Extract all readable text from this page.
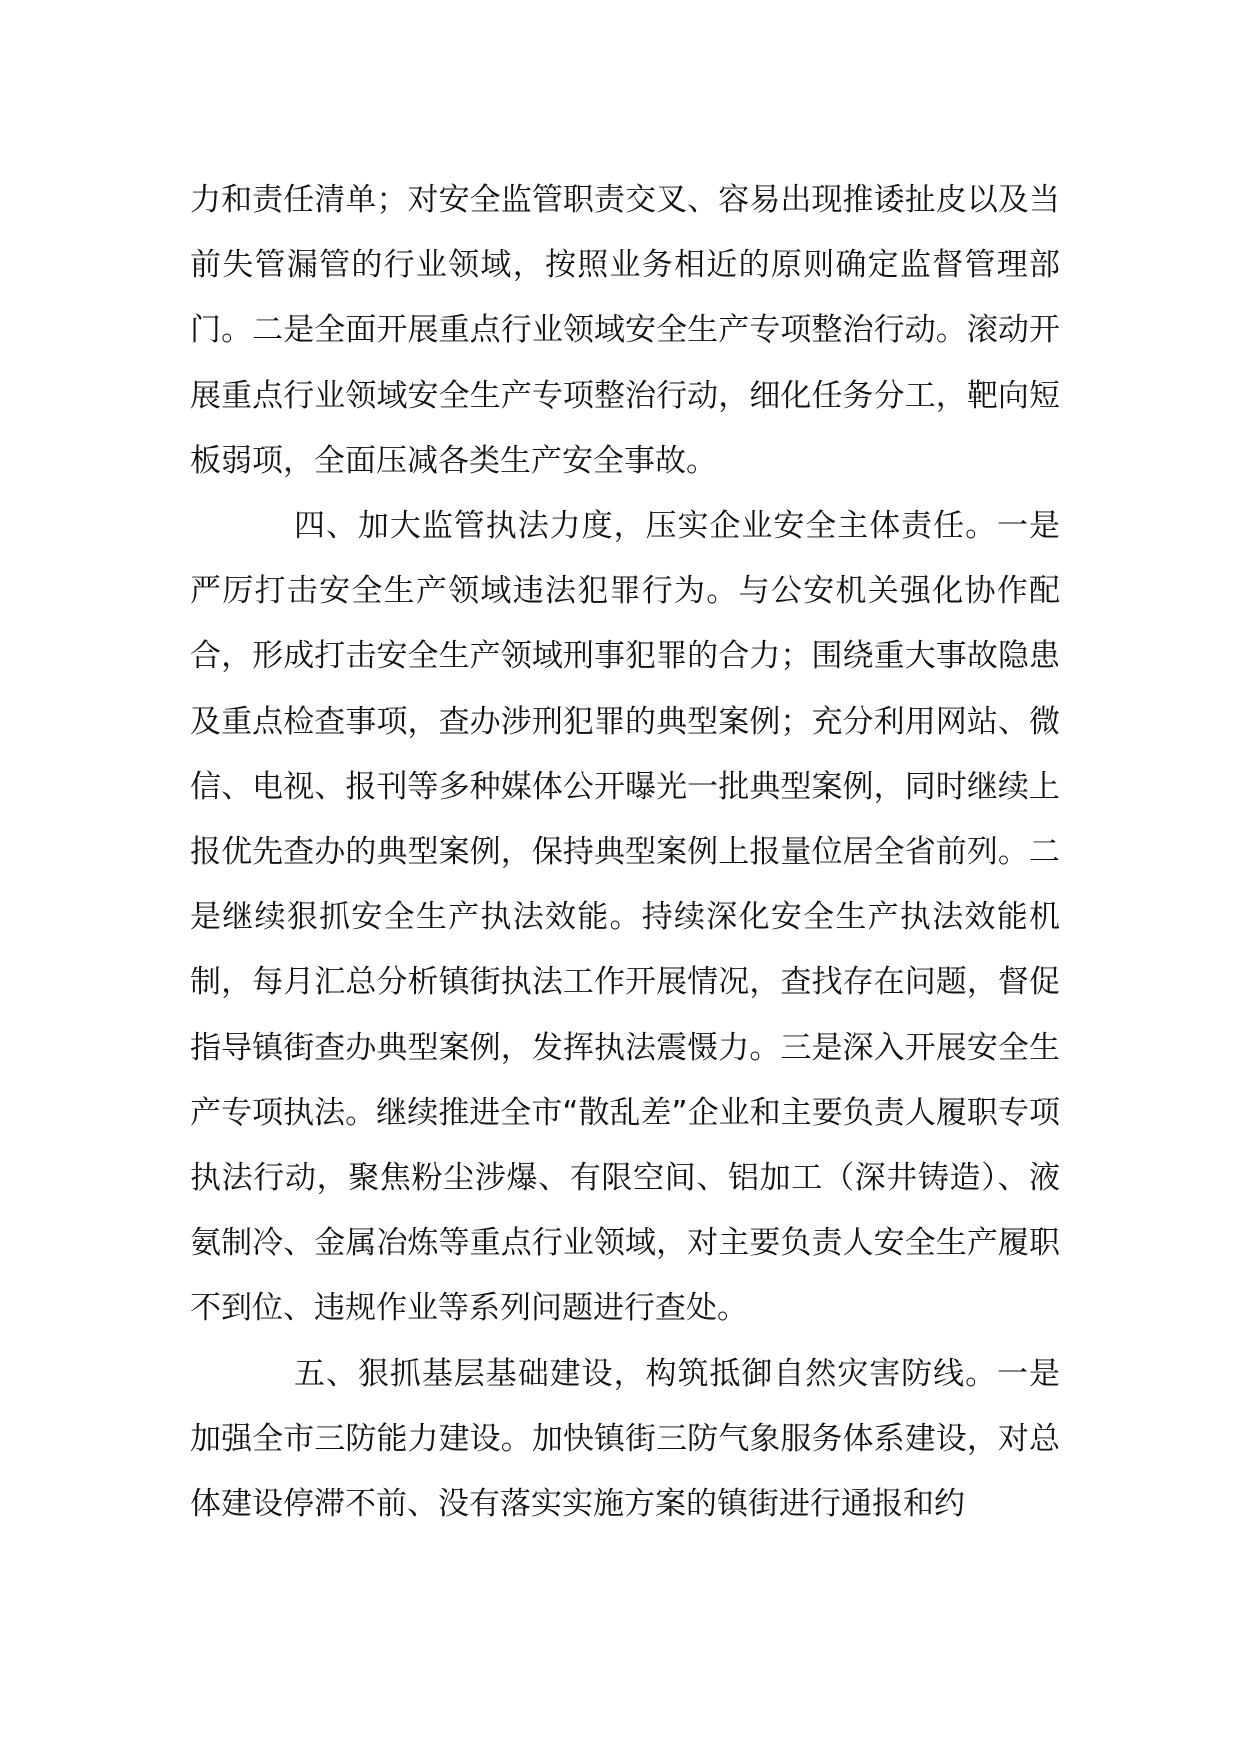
力和责任清单；对安全监管职责交叉、容易出现推诿扯皮以及当前失管漏管的行业领域，按照业务相近的原则确定监督管理部门。二是全面开展重点行业领域安全生产专项整治行动。滚动开展重点行业领域安全生产专项整治行动，细化任务分工，靶向短板弱项，全面压减各类生产安全事故。

四、加大监管执法力度，压实企业安全主体责任。一是严厉打击安全生产领域违法犯罪行为。与公安机关强化协作配合，形成打击安全生产领域刑事犯罪的合力；围绕重大事故隐患及重点检查事项，查办涉刑犯罪的典型案例；充分利用网站、微信、电视、报刊等多种媒体公开曝光一批典型案例，同时继续上报优先查办的典型案例，保持典型案例上报量位居全省前列。二是继续狠抓安全生产执法效能。持续深化安全生产执法效能机制，每月汇总分析镇街执法工作开展情况，查找存在问题，督促指导镇街查办典型案例，发挥执法震慑力。三是深入开展安全生产专项执法。继续推进全市“散乱差”企业和主要负责人履职专项执法行动，聚焦粉尘涉爆、有限空间、铝加工（深井铸造）、液氨制冷、金属冶炼等重点行业领域，对主要负责人安全生产履职不到位、违规作业等系列问题进行查处。

五、狠抓基层基础建设，构筑抵御自然灾害防线。一是加强全市三防能力建设。加快镇街三防气象服务体系建设，对总体建设停滞不前、没有落实实施方案的镇街进行通报和约
